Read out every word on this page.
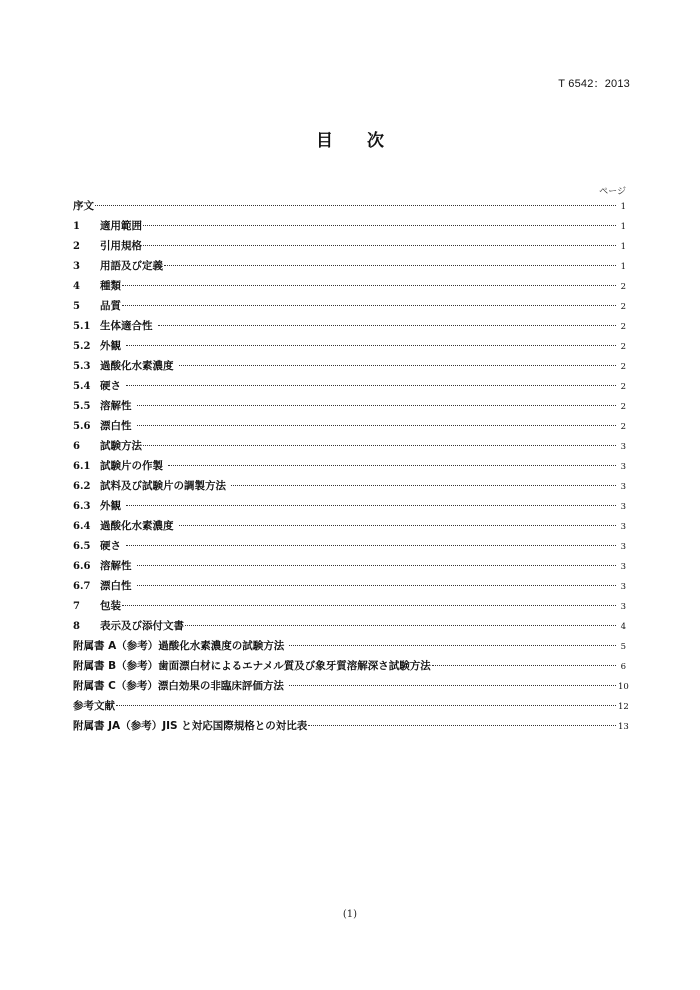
T 6542：2013
目 次
ページ
序文	1
1	適用範囲	1
2	引用規格	1
3	用語及び定義	1
4	種類	2
5	品質	2
5.1 生体適合性	2
5.2 外観	2
5.3 過酸化水素濃度	2
5.4 硬さ	2
5.5 溶解性	2
5.6 漂白性	2
6	試験方法	3
6.1 試験片の作製	3
6.2 試料及び試験片の調製方法	3
6.3 外観	3
6.4 過酸化水素濃度	3
6.5 硬さ	3
6.6 溶解性	3
6.7 漂白性	3
7	包装	3
8	表示及び添付文書	4
附属書 A（参考）過酸化水素濃度の試験方法	5
附属書 B（参考）歯面漂白材によるエナメル質及び象牙質溶解深さ試験方法	6
附属書 C（参考）漂白効果の非臨床評価方法	10
参考文献	12
附属書 JA（参考）JIS と対応国際規格との対比表	13
(1)
